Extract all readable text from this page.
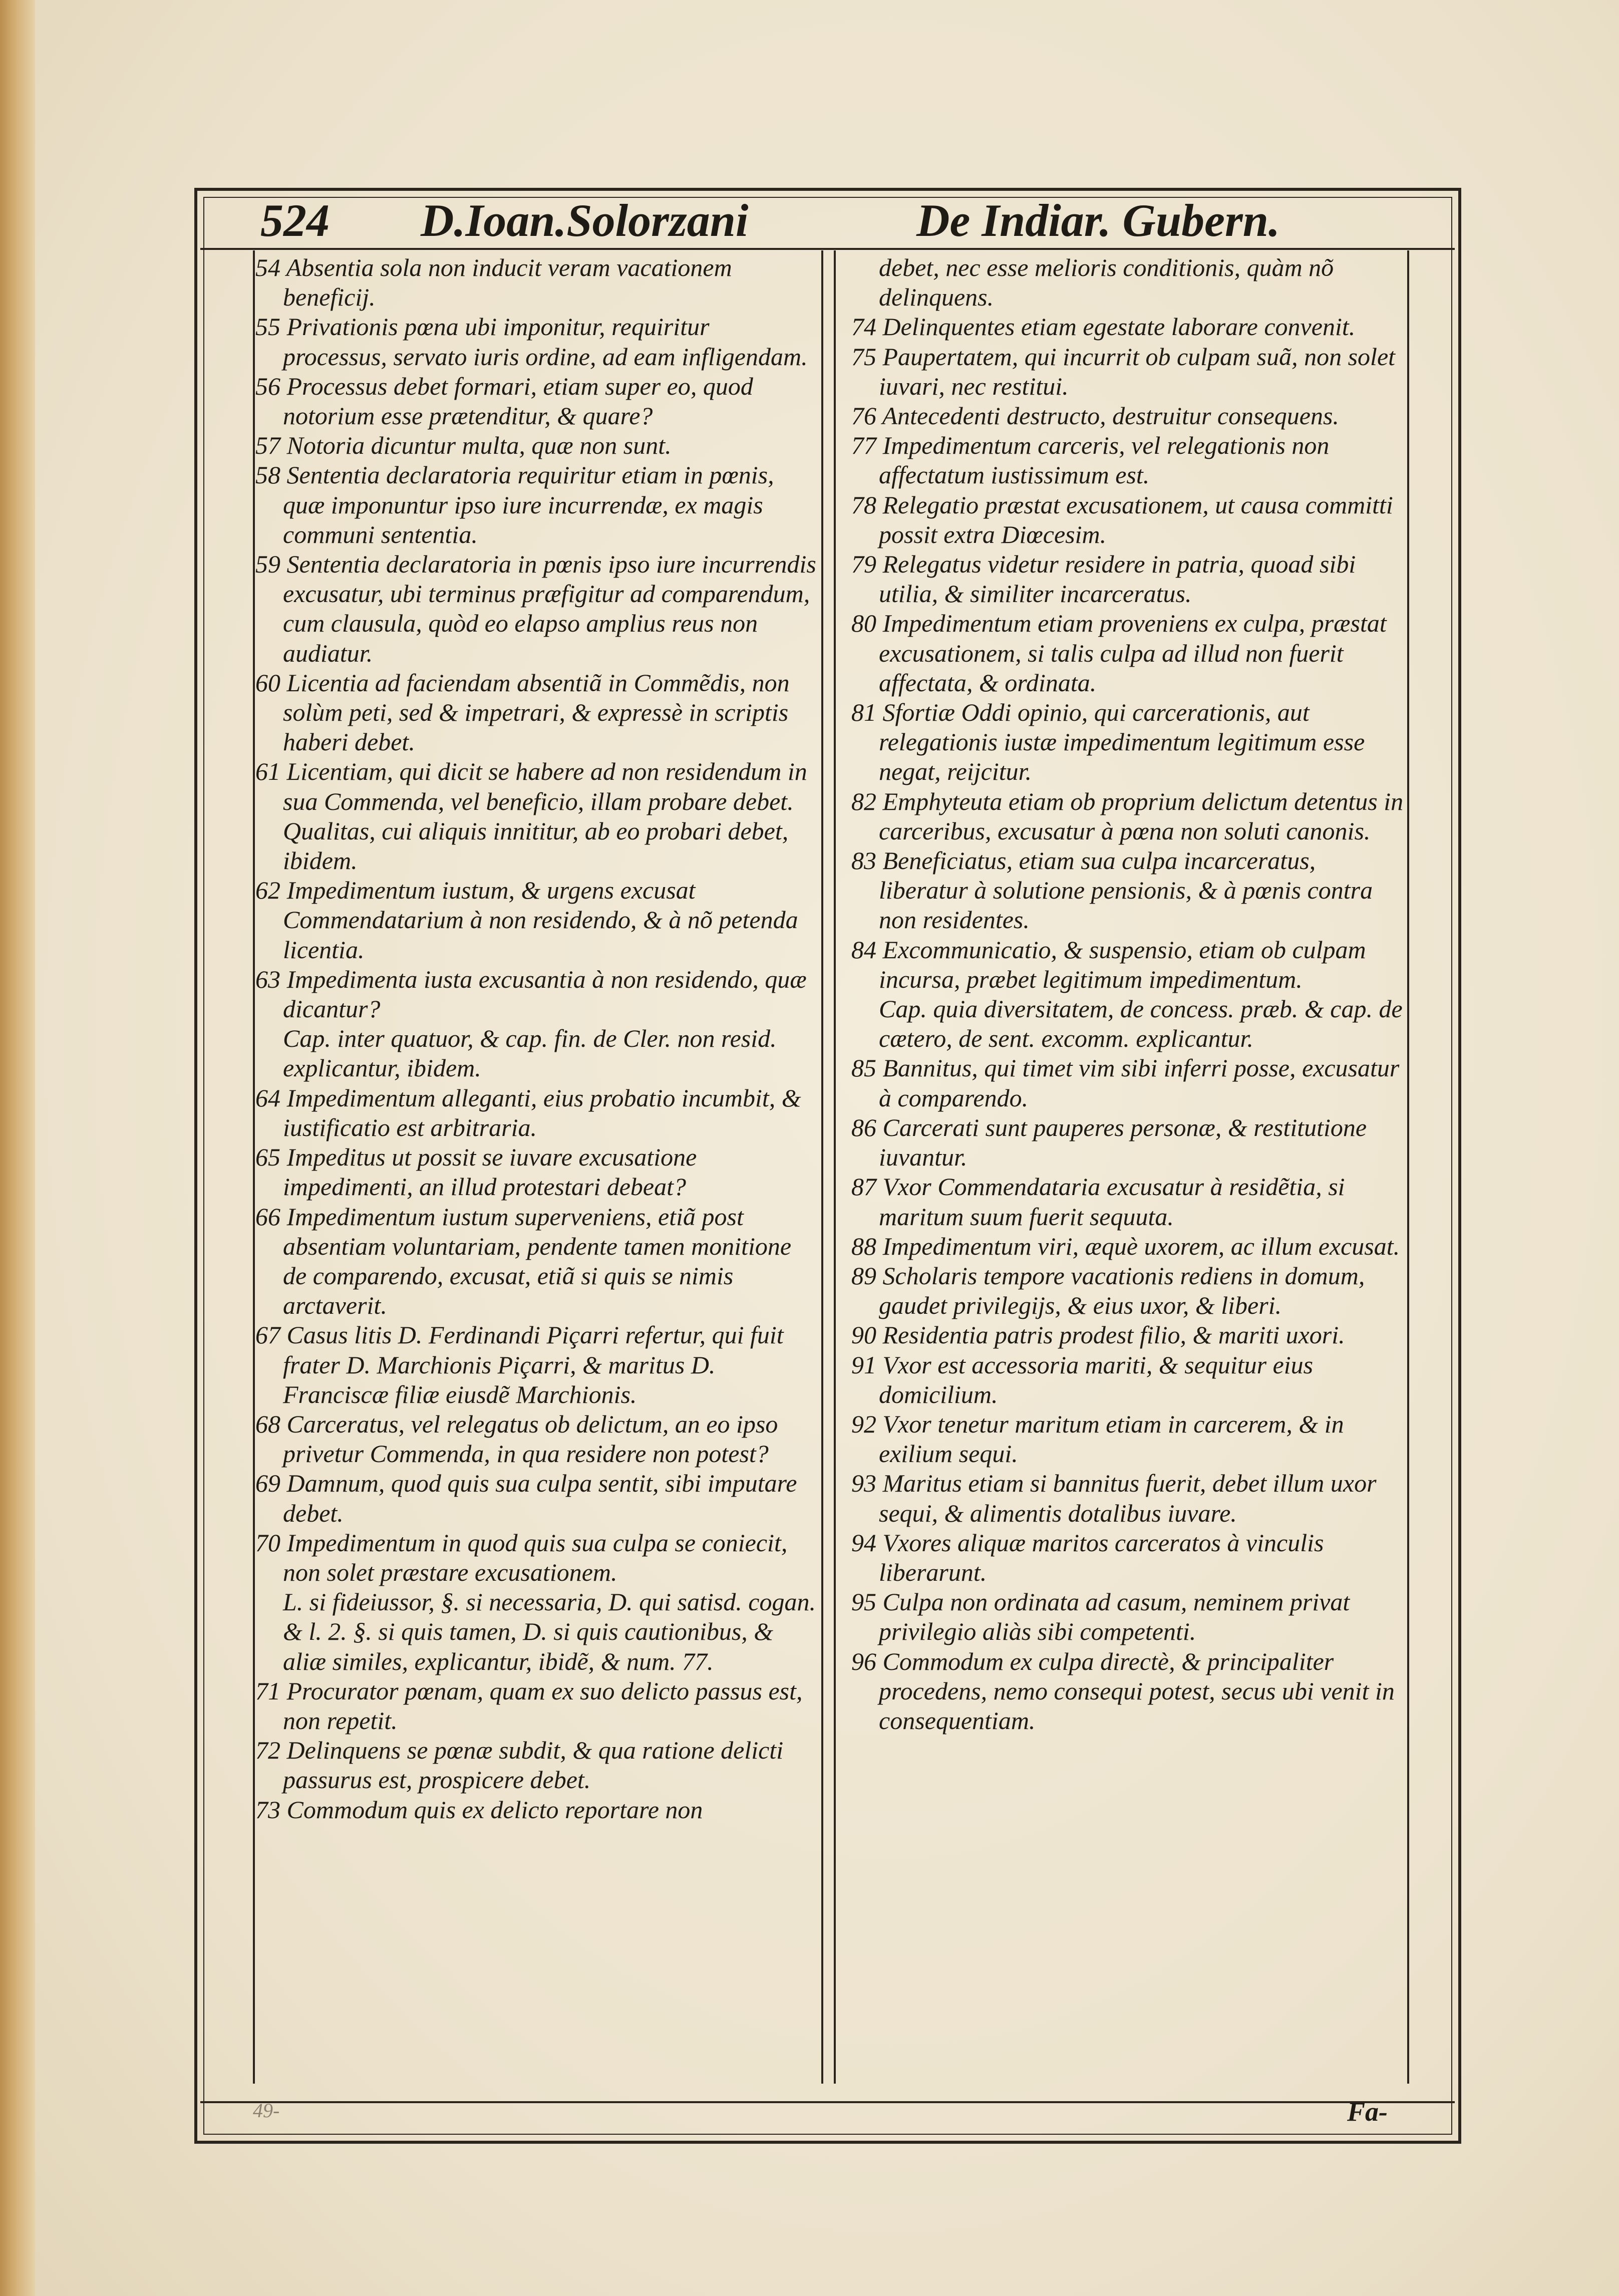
524 D.Ioan.Solorzani	De Indiar. Gubern.

54 Absentia sola non inducit veram vacationem beneficij.

55 Privationis pœna ubi imponitur, requiritur processus, servato iuris ordine, ad eam infligendam.

56 Processus debet formari, etiam super eo, quod notorium esse prætenditur, & quare?

57 Notoria dicuntur multa, quæ non sunt.

58 Sententia declaratoria requiritur etiam in pœnis, quæ imponuntur ipso iure incurrendæ, ex magis communi sententia.

59 Sententia declaratoria in pœnis ipso iure incurrendis excusatur, ubi terminus præfigitur ad comparendum, cum clausula, quòd eo elapso amplius reus non audiatur.

60 Licentia ad faciendam absentiã in Commẽdis, non solùm peti, sed & impetrari, & expressè in scriptis haberi debet.

61 Licentiam, qui dicit se habere ad non residendum in sua Commenda, vel beneficio, illam probare debet.

Qualitas, cui aliquis innititur, ab eo probari debet, ibidem.

62 Impedimentum iustum, & urgens excusat Commendatarium à non residendo, & à nõ petenda licentia.

63 Impedimenta iusta excusantia à non residendo, quæ dicantur?

Cap. inter quatuor, & cap. fin. de Cler. non resid. explicantur, ibidem.

64 Impedimentum alleganti, eius probatio incumbit, & iustificatio est arbitraria.

65 Impeditus ut possit se iuvare excusatione impedimenti, an illud protestari debeat?

66 Impedimentum iustum superveniens, etiã post absentiam voluntariam, pendente tamen monitione de comparendo, excusat, etiã si quis se nimis arctaverit.

67 Casus litis D. Ferdinandi Piçarri refertur, qui fuit frater D. Marchionis Piçarri, & maritus D. Franciscæ filiæ eiusdẽ Marchionis.

68 Carceratus, vel relegatus ob delictum, an eo ipso privetur Commenda, in qua residere non potest?

69 Damnum, quod quis sua culpa sentit, sibi imputare debet.

70 Impedimentum in quod quis sua culpa se coniecit, non solet præstare excusationem.

L. si fideiussor, §. si necessaria, D. qui satisd. cogan. & l. 2. §. si quis tamen, D. si quis cautionibus, & aliæ similes, explicantur, ibidẽ, & num. 77.

71 Procurator pœnam, quam ex suo delicto passus est, non repetit.

72 Delinquens se pœnæ subdit, & qua ratione delicti passurus est, prospicere debet.

73 Commodum quis ex delicto reportare non

debet, nec esse melioris conditionis, quàm nõ delinquens.

74 Delinquentes etiam egestate laborare convenit.

75 Paupertatem, qui incurrit ob culpam suã, non solet iuvari, nec restitui.

76 Antecedenti destructo, destruitur consequens.

77 Impedimentum carceris, vel relegationis non affectatum iustissimum est.

78 Relegatio præstat excusationem, ut causa committi possit extra Diœcesim.

79 Relegatus videtur residere in patria, quoad sibi utilia, & similiter incarceratus.

80 Impedimentum etiam proveniens ex culpa, præstat excusationem, si talis culpa ad illud non fuerit affectata, & ordinata.

81 Sfortiæ Oddi opinio, qui carcerationis, aut relegationis iustæ impedimentum legitimum esse negat, reijcitur.

82 Emphyteuta etiam ob proprium delictum detentus in carceribus, excusatur à pœna non soluti canonis.

83 Beneficiatus, etiam sua culpa incarceratus, liberatur à solutione pensionis, & à pœnis contra non residentes.

84 Excommunicatio, & suspensio, etiam ob culpam incursa, præbet legitimum impedimentum.

Cap. quia diversitatem, de concess. præb. & cap. de cætero, de sent. excomm. explicantur.

85 Bannitus, qui timet vim sibi inferri posse, excusatur à comparendo.

86 Carcerati sunt pauperes personæ, & restitutione iuvantur.

87 Vxor Commendataria excusatur à residẽtia, si maritum suum fuerit sequuta.

88 Impedimentum viri, æquè uxorem, ac illum excusat.

89 Scholaris tempore vacationis rediens in domum, gaudet privilegijs, & eius uxor, & liberi.

90 Residentia patris prodest filio, & mariti uxori.

91 Vxor est accessoria mariti, & sequitur eius domicilium.

92 Vxor tenetur maritum etiam in carcerem, & in exilium sequi.

93 Maritus etiam si bannitus fuerit, debet illum uxor sequi, & alimentis dotalibus iuvare.

94 Vxores aliquæ maritos carceratos à vinculis liberarunt.

95 Culpa non ordinata ad casum, neminem privat privilegio aliàs sibi competenti.

96 Commodum ex culpa directè, & principaliter procedens, nemo consequi potest, secus ubi venit in consequentiam.

49-	Fa-
